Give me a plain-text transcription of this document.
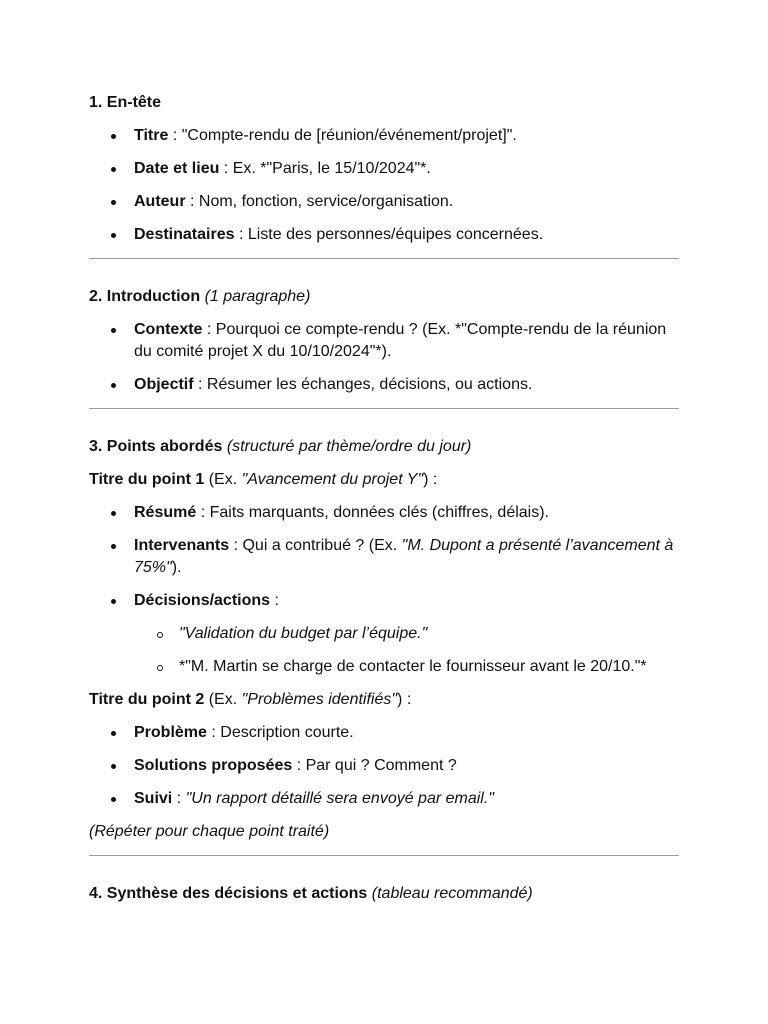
1. En-tête
Titre : "Compte-rendu de [réunion/événement/projet]".
Date et lieu : Ex. *"Paris, le 15/10/2024"*.
Auteur : Nom, fonction, service/organisation.
Destinataires : Liste des personnes/équipes concernées.
2. Introduction (1 paragraphe)
Contexte : Pourquoi ce compte-rendu ? (Ex. *"Compte-rendu de la réunion du comité projet X du 10/10/2024"*).
Objectif : Résumer les échanges, décisions, ou actions.
3. Points abordés (structuré par thème/ordre du jour)

Titre du point 1 (Ex. "Avancement du projet Y") :

Résumé : Faits marquants, données clés (chiffres, délais).
Intervenants : Qui a contribué ? (Ex. "M. Dupont a présenté l’avancement à 75%").
Décisions/actions :
"Validation du budget par l’équipe."
*"M. Martin se charge de contacter le fournisseur avant le 20/10."*

Titre du point 2 (Ex. "Problèmes identifiés") :

Problème : Description courte.
Solutions proposées : Par qui ? Comment ?
Suivi : "Un rapport détaillé sera envoyé par email."

(Répéter pour chaque point traité)

4. Synthèse des décisions et actions (tableau recommandé)
